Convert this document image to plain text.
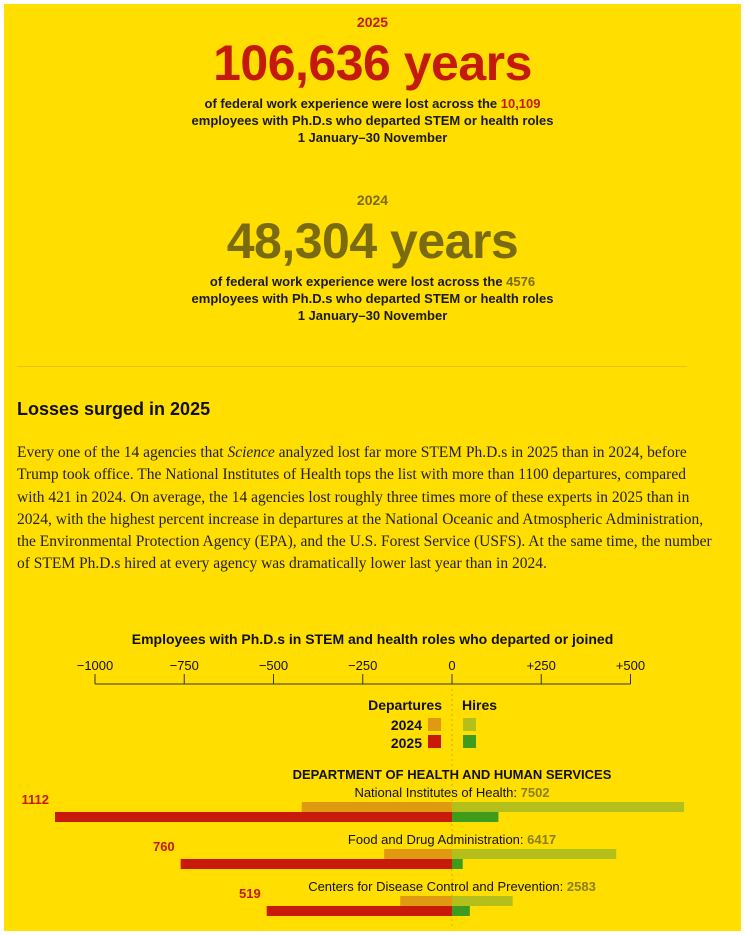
2025
106,636 years
of federal work experience were lost across the 10,109
employees with Ph.D.s who departed STEM or health roles
1 January–30 November
2024
48,304 years
of federal work experience were lost across the 4576
employees with Ph.D.s who departed STEM or health roles
1 January–30 November
Losses surged in 2025
Every one of the 14 agencies that Science analyzed lost far more STEM Ph.D.s in 2025 than in 2024, before Trump took office. The National Institutes of Health tops the list with more than 1100 departures, compared with 421 in 2024. On average, the 14 agencies lost roughly three times more of these experts in 2025 than in 2024, with the highest percent increase in departures at the National Oceanic and Atmospheric Administration, the Environmental Protection Agency (EPA), and the U.S. Forest Service (USFS). At the same time, the number of STEM Ph.D.s hired at every agency was dramatically lower last year than in 2024.
Employees with Ph.D.s in STEM and health roles who departed or joined
−1000	−750	−500	−250	0	+250	+500
Departures Hires
2024
2025
DEPARTMENT OF HEALTH AND HUMAN SERVICES
National Institutes of Health: 7502
1112
Food and Drug Administration: 6417
760
Centers for Disease Control and Prevention: 2583
519
